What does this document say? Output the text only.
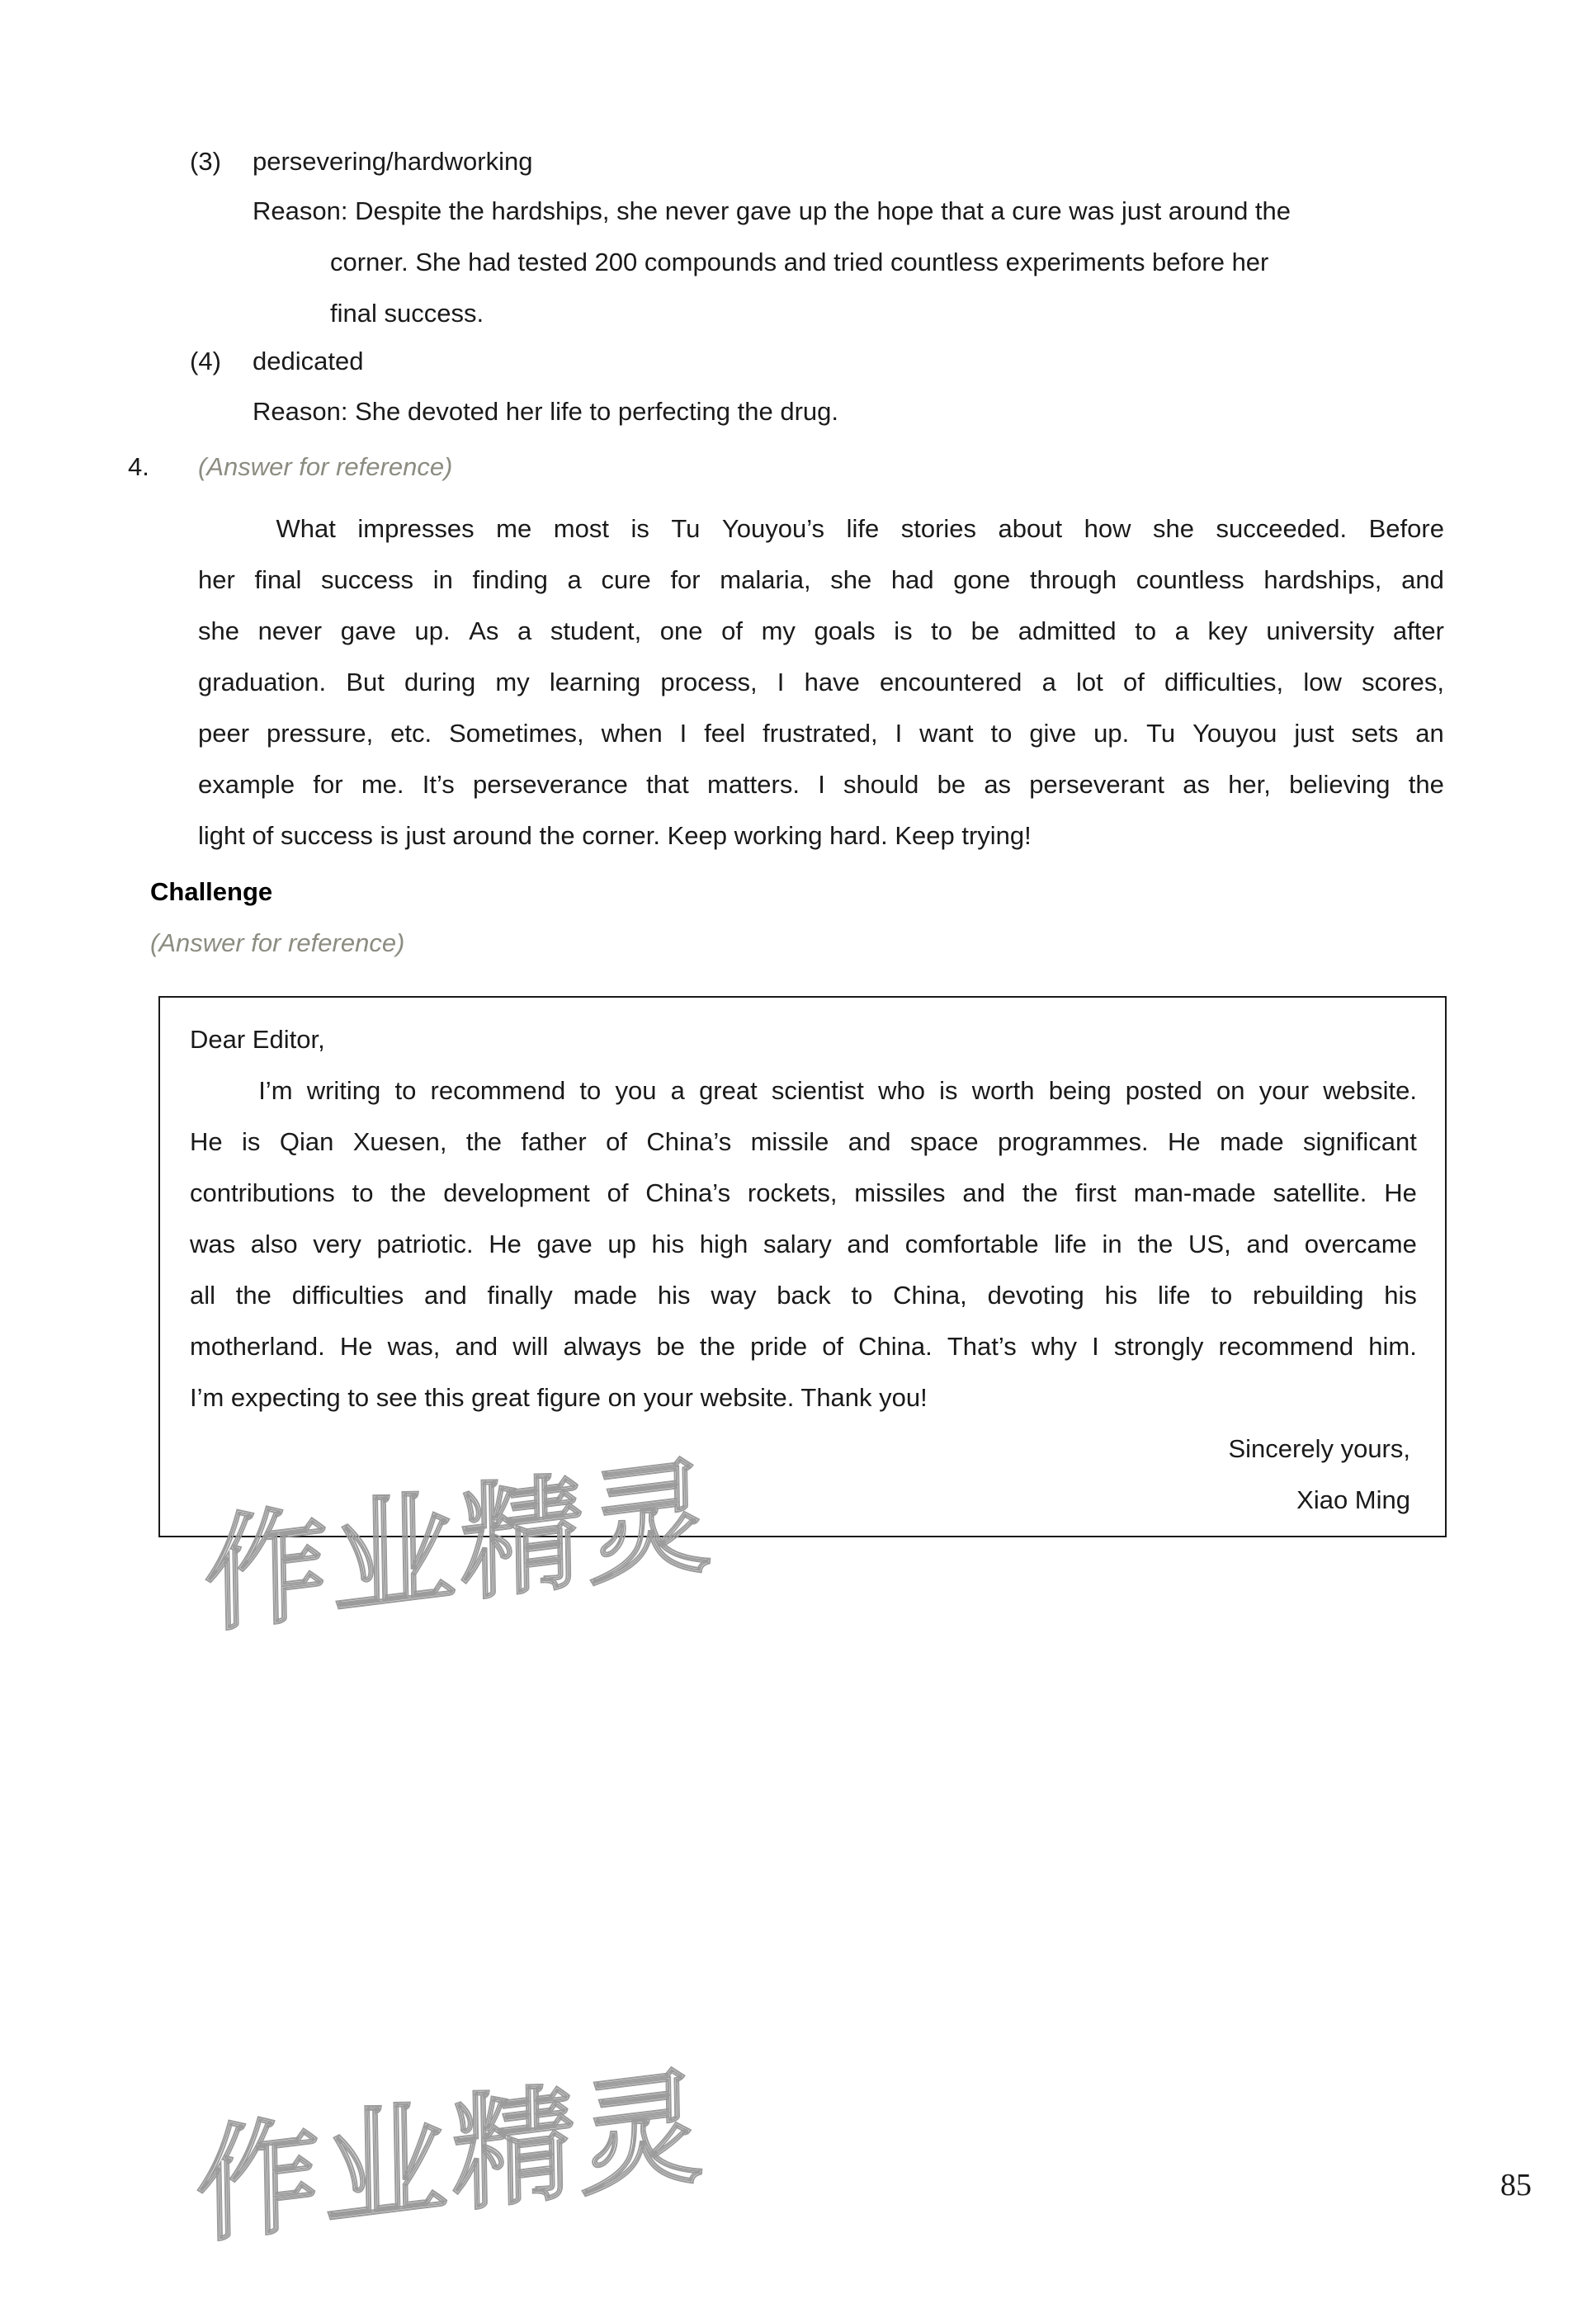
(3)	persevering/hardworking
Reason: Despite the hardships, she never gave up the hope that a cure was just around the
corner. She had tested 200 compounds and tried countless experiments before her
final success.
(4)	dedicated
Reason: She devoted her life to perfecting the drug.
4. (Answer for reference)
What impresses me most is Tu Youyou’s life stories about how she succeeded. Before
her final success in finding a cure for malaria, she had gone through countless hardships, and
she never gave up. As a student, one of my goals is to be admitted to a key university after
graduation. But during my learning process, I have encountered a lot of difficulties, low scores,
peer pressure, etc. Sometimes, when I feel frustrated, I want to give up. Tu Youyou just sets an
example for me. It’s perseverance that matters. I should be as perseverant as her, believing the
light of success is just around the corner. Keep working hard. Keep trying!
Challenge
(Answer for reference)
Dear Editor,
I’m writing to recommend to you a great scientist who is worth being posted on your website.
He is Qian Xuesen, the father of China’s missile and space programmes. He made significant
contributions to the development of China’s rockets, missiles and the first man-made satellite. He
was also very patriotic. He gave up his high salary and comfortable life in the US, and overcame
all the difficulties and finally made his way back to China, devoting his life to rebuilding his
motherland. He was, and will always be the pride of China. That’s why I strongly recommend him.
I’m expecting to see this great figure on your website. Thank you!
Sincerely yours,
Xiao Ming
作业精灵
作业精灵	85
